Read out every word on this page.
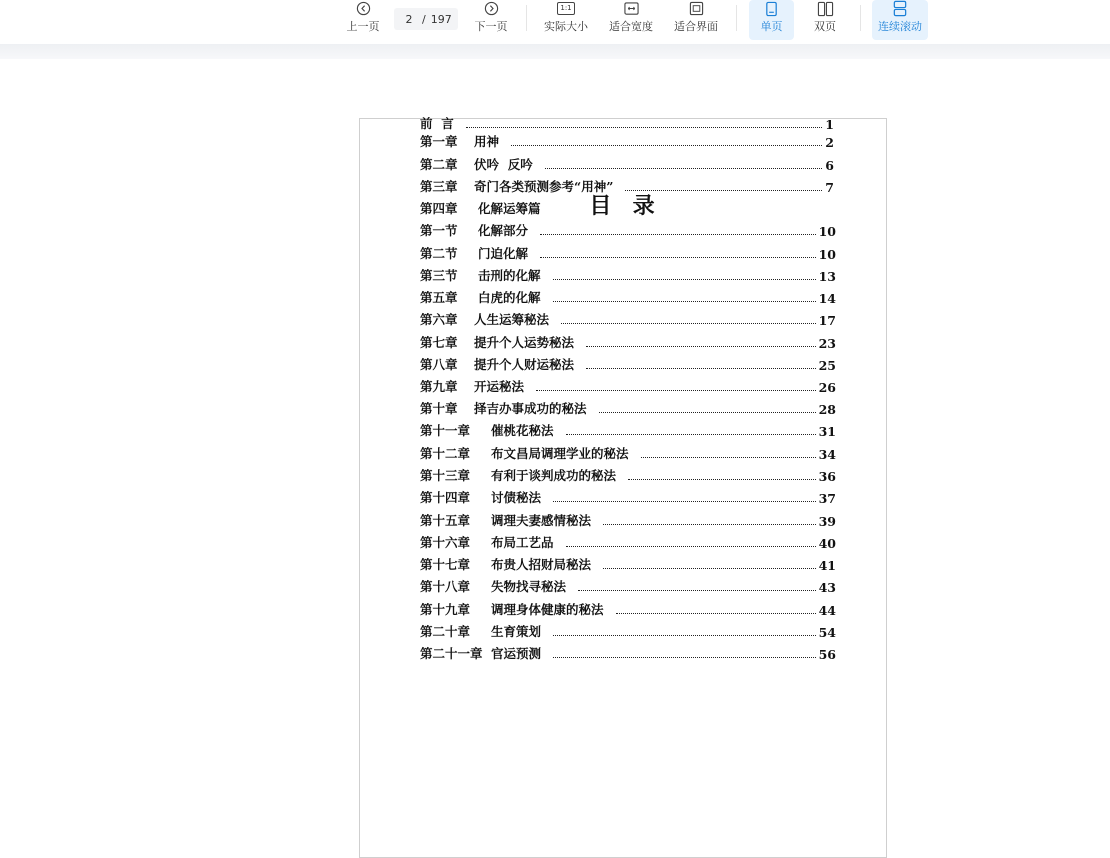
上一页
2
/ 197
下一页
1:1
实际大小 适合宽度 适合界面	单页	双页	连续滚动
目  录
前  言	1
第一章 用神	2
第二章 伏吟  反吟	6
第三章 奇门各类预测参考“用神”	7
第四章 化解运筹篇
第一节 化解部分	10
第二节 门迫化解	10
第三节 击刑的化解	13
第五章 白虎的化解	14
第六章 人生运筹秘法	17
第七章 提升个人运势秘法	23
第八章 提升个人财运秘法	25
第九章 开运秘法	26
第十章 择吉办事成功的秘法	28
第十一章 催桃花秘法	31
第十二章 布文昌局调理学业的秘法	34
第十三章 有利于谈判成功的秘法	36
第十四章 讨债秘法	37
第十五章 调理夫妻感情秘法	39
第十六章 布局工艺品	40
第十七章 布贵人招财局秘法	41
第十八章 失物找寻秘法	43
第十九章 调理身体健康的秘法	44
第二十章 生育策划	54
第二十一章 官运预测	56
